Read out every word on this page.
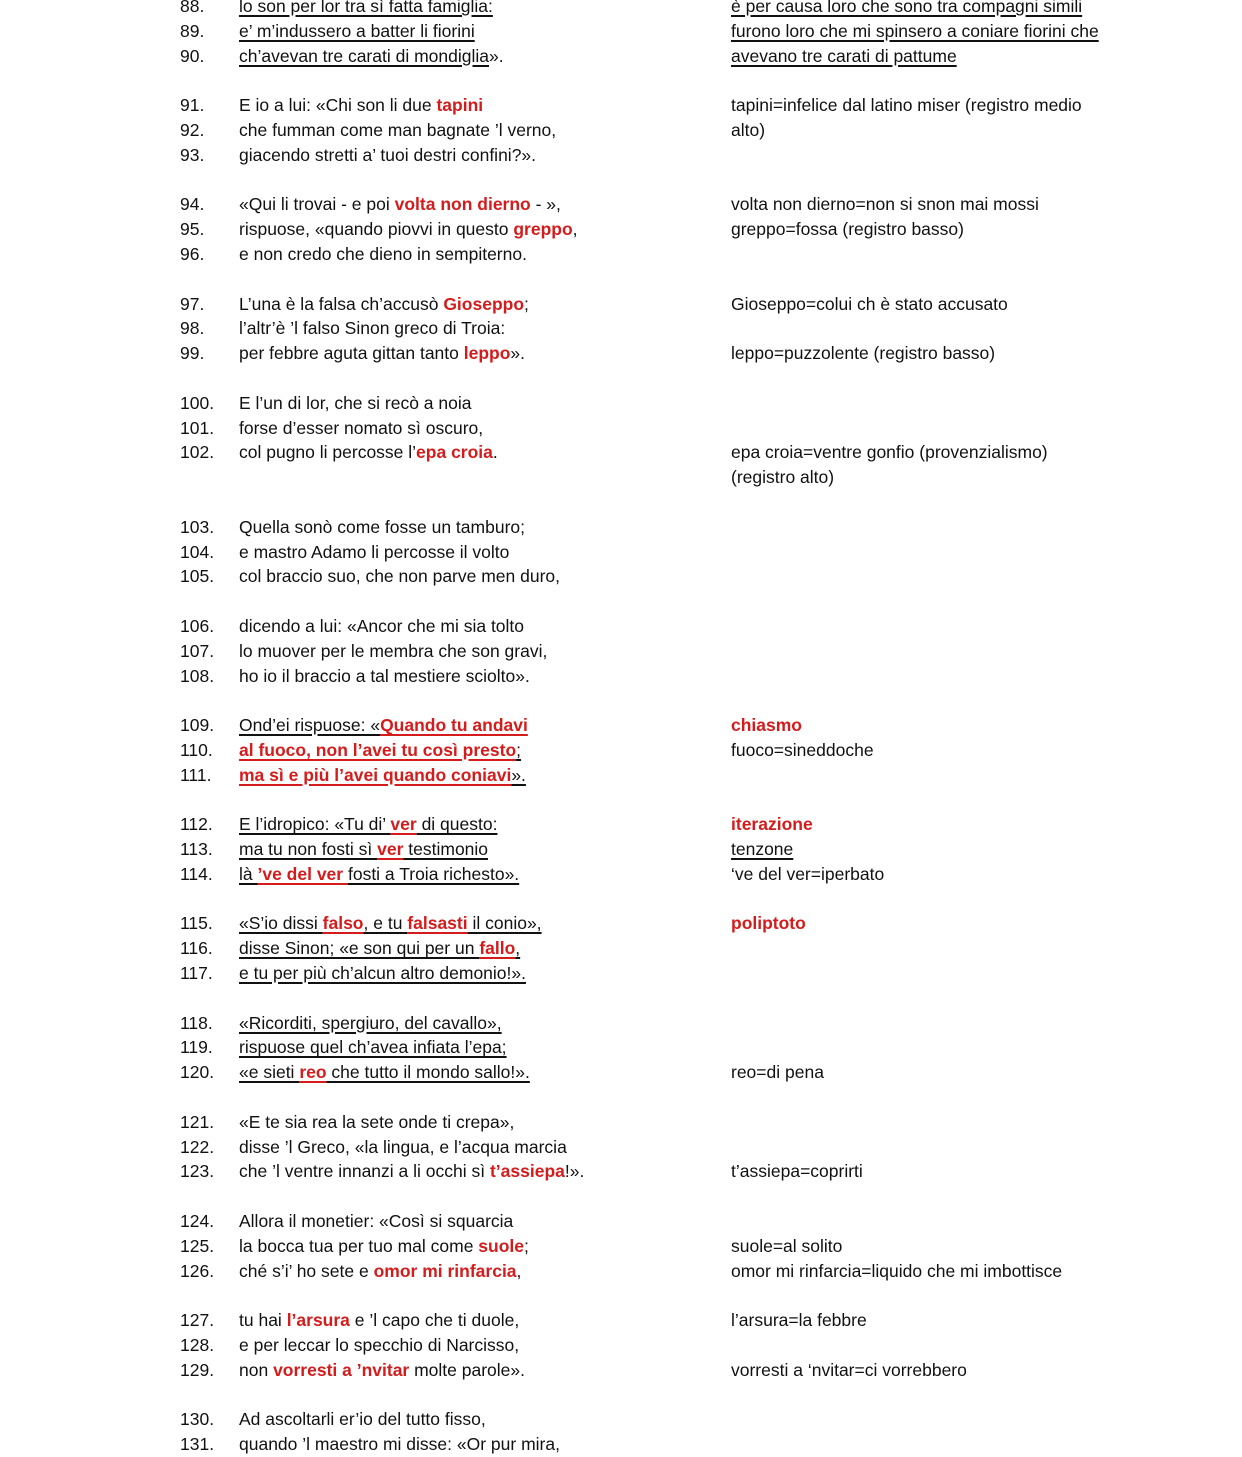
88. lo son per lor tra sì fatta famiglia:	è per causa loro che sono tra compagni simili
89. e’ m’indussero a batter li fiorini	furono loro che mi spinsero a coniare fiorini che
90. ch’avevan tre carati di mondiglia».	avevano tre carati di pattume
91. E io a lui: «Chi son li due tapini	tapini=infelice dal latino miser (registro medio
92. che fumman come man bagnate ’l verno,	alto)
93. giacendo stretti a’ tuoi destri confini?».
94. «Qui li trovai - e poi volta non dierno - »,	volta non dierno=non si snon mai mossi
95. rispuose, «quando piovvi in questo greppo,	greppo=fossa (registro basso)
96. e non credo che dieno in sempiterno.
97. L’una è la falsa ch’accusò Gioseppo;	Gioseppo=colui ch è stato accusato
98. l’altr’è ’l falso Sinon greco di Troia:
99. per febbre aguta gittan tanto leppo».	leppo=puzzolente (registro basso)
100. E l’un di lor, che si recò a noia
101. forse d’esser nomato sì oscuro,
102. col pugno li percosse l’epa croia.	epa croia=ventre gonfio (provenzialismo)
(registro alto)
103. Quella sonò come fosse un tamburo;
104. e mastro Adamo li percosse il volto
105. col braccio suo, che non parve men duro,
106. dicendo a lui: «Ancor che mi sia tolto
107. lo muover per le membra che son gravi,
108. ho io il braccio a tal mestiere sciolto».
109. Ond’ei rispuose: «Quando tu andavi	chiasmo
110. al fuoco, non l’avei tu così presto;	fuoco=sineddoche
111. ma sì e più l’avei quando coniavi».
112. E l’idropico: «Tu di’ ver di questo:	iterazione
113. ma tu non fosti sì ver testimonio	tenzone
114. là ’ve del ver fosti a Troia richesto».	‘ve del ver=iperbato
115. «S’io dissi falso, e tu falsasti il conio»,	poliptoto
116. disse Sinon; «e son qui per un fallo,
117. e tu per più ch’alcun altro demonio!».
118. «Ricorditi, spergiuro, del cavallo»,
119. rispuose quel ch’avea infiata l’epa;
120. «e sieti reo che tutto il mondo sallo!».	reo=di pena
121. «E te sia rea la sete onde ti crepa»,
122. disse ’l Greco, «la lingua, e l’acqua marcia
123. che ’l ventre innanzi a li occhi sì t’assiepa!».	t’assiepa=coprirti
124. Allora il monetier: «Così si squarcia
125. la bocca tua per tuo mal come suole;	suole=al solito
126. ché s’i’ ho sete e omor mi rinfarcia,	omor mi rinfarcia=liquido che mi imbottisce
127. tu hai l’arsura e ’l capo che ti duole,	l’arsura=la febbre
128. e per leccar lo specchio di Narcisso,
129. non vorresti a ’nvitar molte parole».	vorresti a ‘nvitar=ci vorrebbero
130. Ad ascoltarli er’io del tutto fisso,
131. quando ’l maestro mi disse: «Or pur mira,
